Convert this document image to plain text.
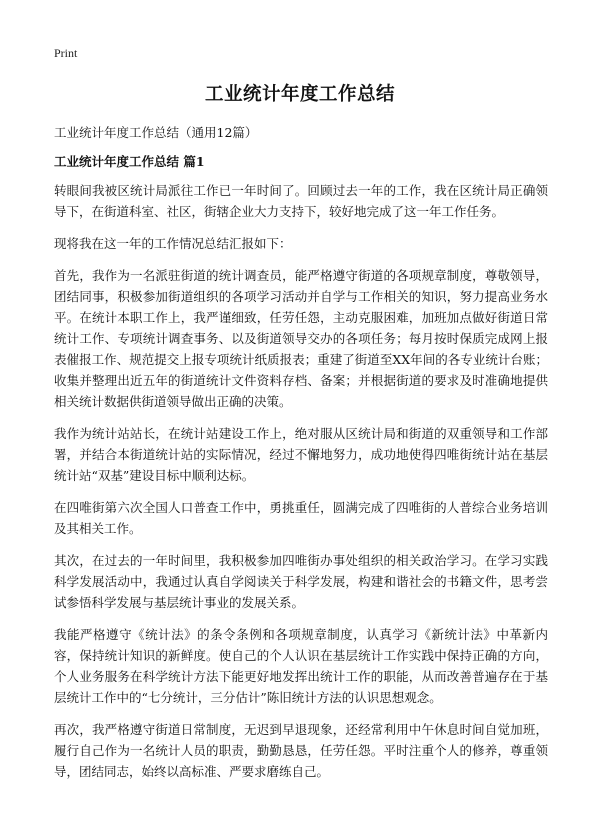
Print
工业统计年度工作总结
工业统计年度工作总结（通用12篇）
工业统计年度工作总结 篇1

转眼间我被区统计局派往工作已一年时间了。回顾过去一年的工作，我在区统计局正确领导下，在街道科室、社区，街辖企业大力支持下，较好地完成了这一年工作任务。

现将我在这一年的工作情况总结汇报如下：

首先，我作为一名派驻街道的统计调查员，能严格遵守街道的各项规章制度，尊敬领导，团结同事，积极参加街道组织的各项学习活动并自学与工作相关的知识，努力提高业务水平。在统计本职工作上，我严谨细致，任劳任怨，主动克服困难，加班加点做好街道日常统计工作、专项统计调查事务、以及街道领导交办的各项任务；每月按时保质完成网上报表催报工作、规范提交上报专项统计纸质报表；重建了街道至XX年间的各专业统计台账；收集并整理出近五年的街道统计文件资料存档、备案；并根据街道的要求及时准确地提供相关统计数据供街道领导做出正确的决策。

我作为统计站站长，在统计站建设工作上，绝对服从区统计局和街道的双重领导和工作部署，并结合本街道统计站的实际情况，经过不懈地努力，成功地使得四唯街统计站在基层统计站“双基”建设目标中顺利达标。

在四唯街第六次全国人口普查工作中，勇挑重任，圆满完成了四唯街的人普综合业务培训及其相关工作。

其次，在过去的一年时间里，我积极参加四唯街办事处组织的相关政治学习。在学习实践科学发展活动中，我通过认真自学阅读关于科学发展，构建和谐社会的书籍文件，思考尝试参悟科学发展与基层统计事业的发展关系。

我能严格遵守《统计法》的条令条例和各项规章制度，认真学习《新统计法》中革新内容，保持统计知识的新鲜度。使自己的个人认识在基层统计工作实践中保持正确的方向，个人业务服务在科学统计方法下能更好地发挥出统计工作的职能，从而改善普遍存在于基层统计工作中的“七分统计，三分估计”陈旧统计方法的认识思想观念。

再次，我严格遵守街道日常制度，无迟到早退现象，还经常利用中午休息时间自觉加班，履行自己作为一名统计人员的职责，勤勤恳恳，任劳任怨。平时注重个人的修养，尊重领导，团结同志，始终以高标准、严要求磨练自己。
